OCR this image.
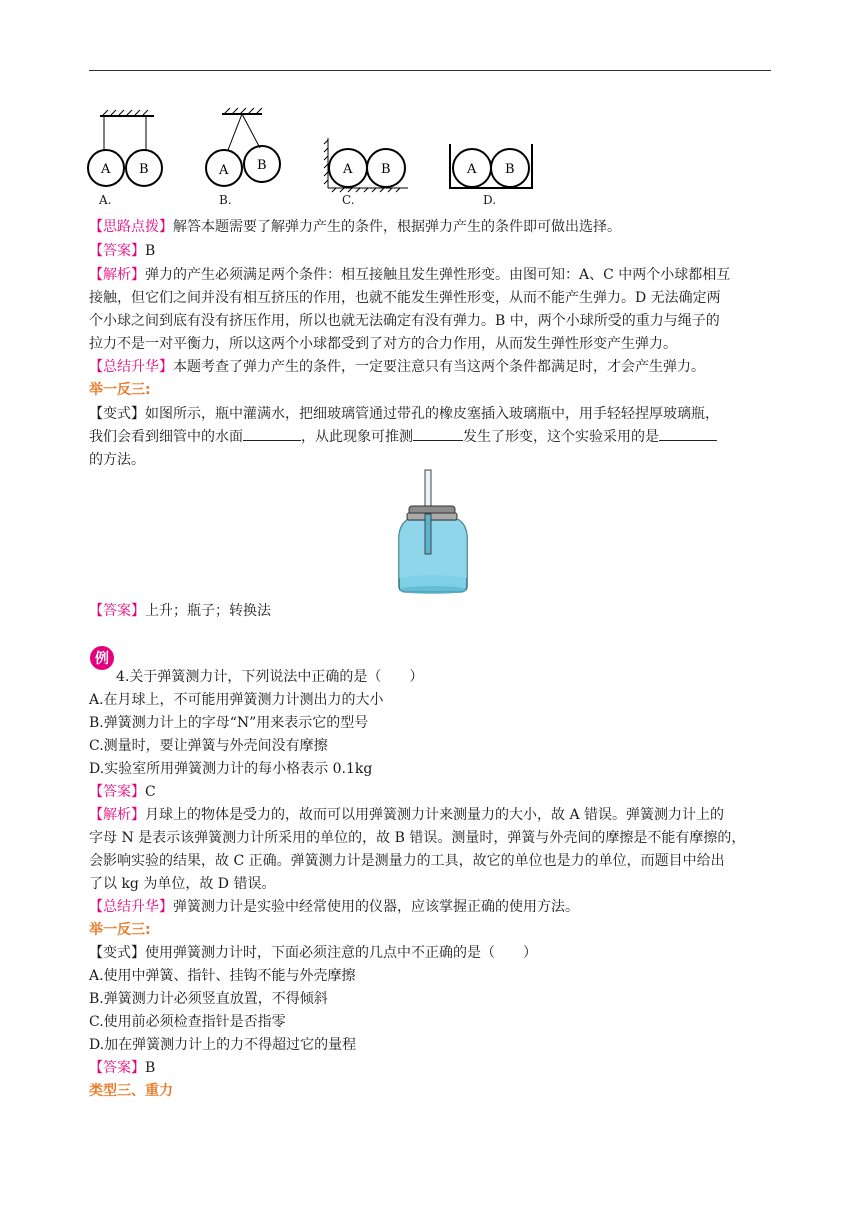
A B	A B	A B	A B
A.	B.	C.	D.
【思路点拨】解答本题需要了解弹力产生的条件，根据弹力产生的条件即可做出选择。
【答案】B
【解析】弹力的产生必须满足两个条件：相互接触且发生弹性形变。由图可知：A、C 中两个小球都相互
接触，但它们之间并没有相互挤压的作用，也就不能发生弹性形变，从而不能产生弹力。D 无法确定两
个小球之间到底有没有挤压作用，所以也就无法确定有没有弹力。B 中，两个小球所受的重力与绳子的
拉力不是一对平衡力，所以这两个小球都受到了对方的合力作用，从而发生弹性形变产生弹力。
【总结升华】本题考查了弹力产生的条件，一定要注意只有当这两个条件都满足时，才会产生弹力。
举一反三:
【变式】如图所示，瓶中灌满水，把细玻璃管通过带孔的橡皮塞插入玻璃瓶中，用手轻轻捏厚玻璃瓶，
我们会看到细管中的水面	，从此现象可推测	发生了形变，这个实验采用的是
的方法。
【答案】上升；瓶子；转换法
例
4.关于弹簧测力计，下列说法中正确的是（　　）
A.在月球上，不可能用弹簧测力计测出力的大小
B.弹簧测力计上的字母“N”用来表示它的型号
C.测量时，要让弹簧与外壳间没有摩擦
D.实验室所用弹簧测力计的每小格表示 0.1kg
【答案】C
【解析】月球上的物体是受力的，故而可以用弹簧测力计来测量力的大小，故 A 错误。弹簧测力计上的
字母 N 是表示该弹簧测力计所采用的单位的，故 B 错误。测量时，弹簧与外壳间的摩擦是不能有摩擦的，
会影响实验的结果，故 C 正确。弹簧测力计是测量力的工具，故它的单位也是力的单位，而题目中给出
了以 kg 为单位，故 D 错误。
【总结升华】弹簧测力计是实验中经常使用的仪器，应该掌握正确的使用方法。
举一反三:
【变式】使用弹簧测力计时，下面必须注意的几点中不正确的是（　　）
A.使用中弹簧、指针、挂钩不能与外壳摩擦
B.弹簧测力计必须竖直放置，不得倾斜
C.使用前必须检查指针是否指零
D.加在弹簧测力计上的力不得超过它的量程
【答案】B
类型三、重力
